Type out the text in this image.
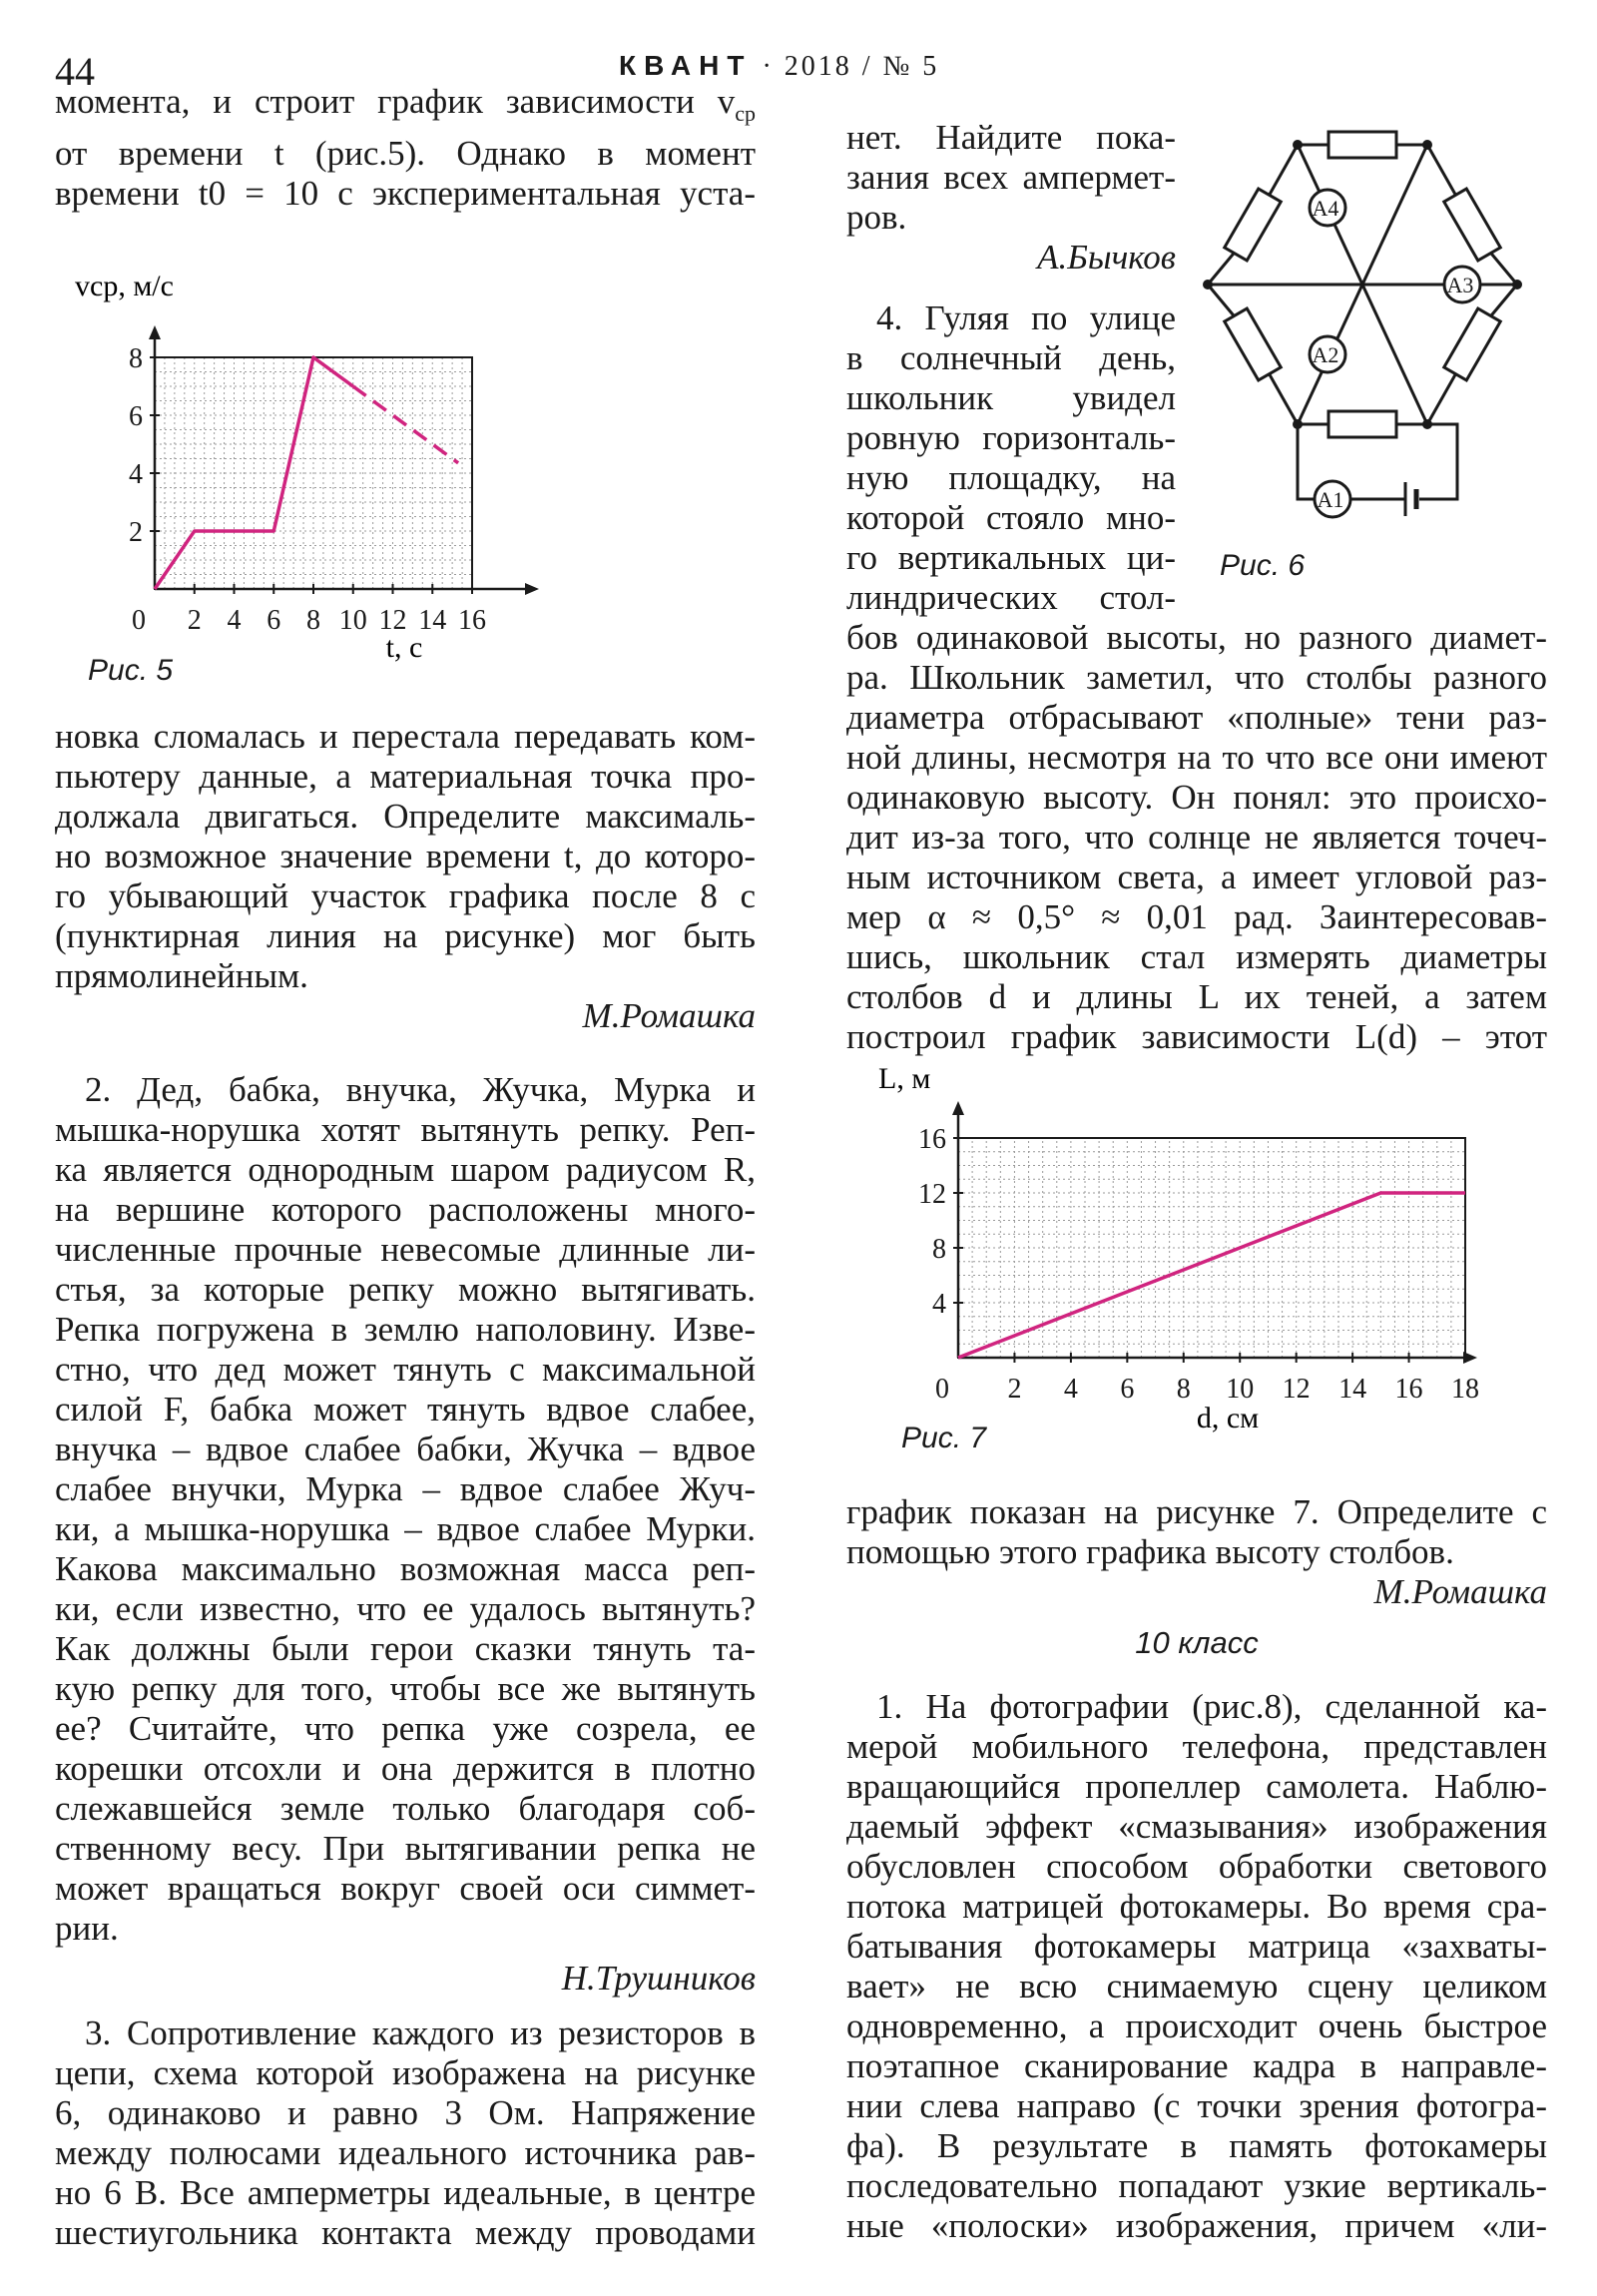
44	КВАНТ · 2018 / № 5
момента, и строит график зависимости $v_{ср}$
от времени t (рис.5). Однако в момент
времени t0 = 10 с экспериментальная уста-
0 2 4 6 8 10 12 14 16
2
4
6
8
vср, м/с
t, с
Рис. 5
новка сломалась и перестала передавать ком-
пьютеру данные, а материальная точка про-
должала двигаться. Определите максималь-
но возможное значение времени t, до которо-
го убывающий участок графика после 8 с
(пунктирная линия на рисунке) мог быть
прямолинейным.
М.Ромашка
2. Дед, бабка, внучка, Жучка, Мурка и
мышка-норушка хотят вытянуть репку. Реп-
ка является однородным шаром радиусом R,
на вершине которого расположены много-
численные прочные невесомые длинные ли-
стья, за которые репку можно вытягивать.
Репка погружена в землю наполовину. Изве-
стно, что дед может тянуть с максимальной
силой F, бабка может тянуть вдвое слабее,
внучка – вдвое слабее бабки, Жучка – вдвое
слабее внучки, Мурка – вдвое слабее Жуч-
ки, а мышка-норушка – вдвое слабее Мурки.
Какова максимально возможная масса реп-
ки, если известно, что ее удалось вытянуть?
Как должны были герои сказки тянуть та-
кую репку для того, чтобы все же вытянуть
ее? Считайте, что репка уже созрела, ее
корешки отсохли и она держится в плотно
слежавшейся земле только благодаря соб-
ственному весу. При вытягивании репка не
может вращаться вокруг своей оси симмет-
рии.
Н.Трушников
3. Сопротивление каждого из резисторов в
цепи, схема которой изображена на рисунке
6, одинаково и равно 3 Ом. Напряжение
между полюсами идеального источника рав-
но 6 В. Все амперметры идеальные, в центре
шестиугольника контакта между проводами
нет. Найдите пока-
зания всех ампермет-
ров.
А.Бычков
4. Гуляя по улице
в солнечный день,
школьник увидел
ровную горизонталь-
ную площадку, на
которой стояло мно-
го вертикальных ци-
линдрических стол-
A4
A3
A2
A1
Рис. 6
бов одинаковой высоты, но разного диамет-
ра. Школьник заметил, что столбы разного
диаметра отбрасывают «полные» тени раз-
ной длины, несмотря на то что все они имеют
одинаковую высоту. Он понял: это происхо-
дит из-за того, что солнце не является точеч-
ным источником света, а имеет угловой раз-
мер α ≈ 0,5° ≈ 0,01 рад. Заинтересовав-
шись, школьник стал измерять диаметры
столбов d и длины L их теней, а затем
построил график зависимости L(d) – этот
0 2 4 6 8 10 12 14 16 18
4
8
12
16
L, м
d, см
Рис. 7
график показан на рисунке 7. Определите с
помощью этого графика высоту столбов.
М.Ромашка
10 класс
1. На фотографии (рис.8), сделанной ка-
мерой мобильного телефона, представлен
вращающийся пропеллер самолета. Наблю-
даемый эффект «смазывания» изображения
обусловлен способом обработки светового
потока матрицей фотокамеры. Во время сра-
батывания фотокамеры матрица «захваты-
вает» не всю снимаемую сцену целиком
одновременно, а происходит очень быстрое
поэтапное сканирование кадра в направле-
нии слева направо (с точки зрения фотогра-
фа). В результате в память фотокамеры
последовательно попадают узкие вертикаль-
ные «полоски» изображения, причем «ли-
